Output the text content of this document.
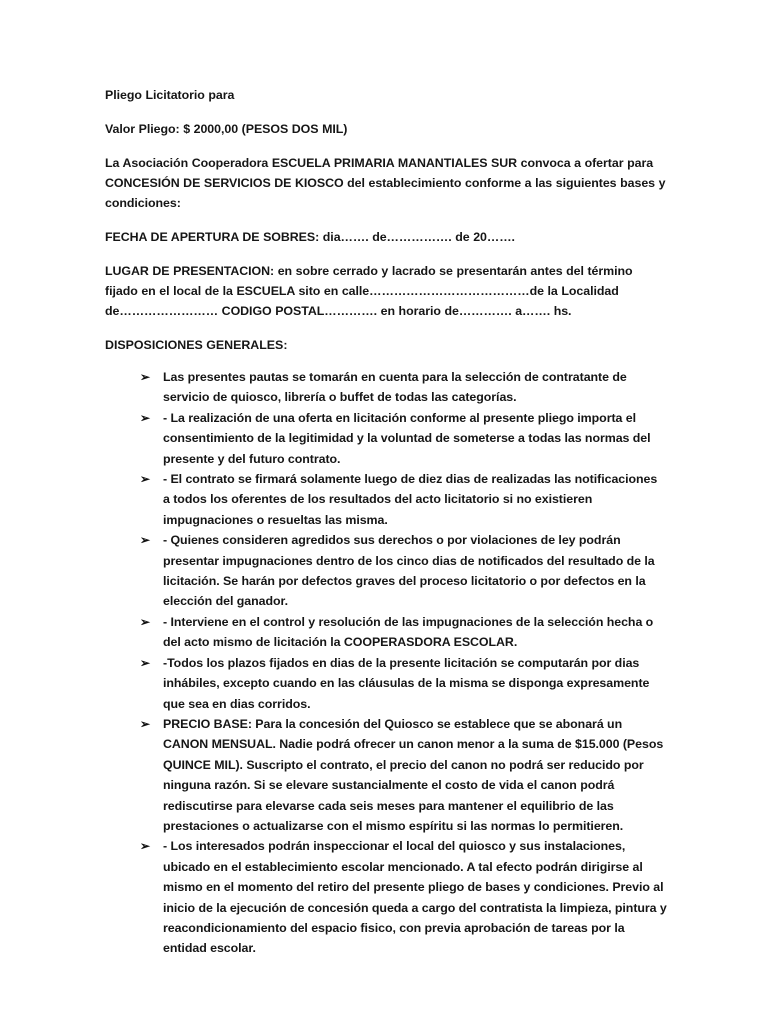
Pliego Licitatorio para

Valor Pliego: $ 2000,00 (PESOS DOS MIL)

La Asociación Cooperadora ESCUELA PRIMARIA MANANTIALES SUR convoca a ofertar para CONCESIÓN DE SERVICIOS DE KIOSCO del establecimiento conforme a las siguientes bases y condiciones:

FECHA DE APERTURA DE SOBRES: dia……. de……………. de 20…….

LUGAR DE PRESENTACION: en sobre cerrado y lacrado se presentarán antes del término fijado en el local de la ESCUELA sito en calle…………………………………de la Localidad de…………………… CODIGO POSTAL…………. en horario de…………. a……. hs.

DISPOSICIONES GENERALES:

➢	Las presentes pautas se tomarán en cuenta para la selección de contratante de servicio de quiosco, librería o buffet de todas las categorías.
➢	- La realización de una oferta en licitación conforme al presente pliego importa el consentimiento de la legitimidad y la voluntad de someterse a todas las normas del presente y del futuro contrato.
➢	- El contrato se firmará solamente luego de diez dias de realizadas las notificaciones a todos los oferentes de los resultados del acto licitatorio si no existieren impugnaciones o resueltas las misma.
➢	- Quienes consideren agredidos sus derechos o por violaciones de ley podrán presentar impugnaciones dentro de los cinco dias de notificados del resultado de la licitación. Se harán por defectos graves del proceso licitatorio o por defectos en la elección del ganador.
➢	- Interviene en el control y resolución de las impugnaciones de la selección hecha o del acto mismo de licitación la COOPERASDORA ESCOLAR.
➢	-Todos los plazos fijados en dias de la presente licitación se computarán por dias inhábiles, excepto cuando en las cláusulas de la misma se disponga expresamente que sea en dias corridos.
➢	PRECIO BASE: Para la concesión del Quiosco se establece que se abonará un CANON MENSUAL. Nadie podrá ofrecer un canon menor a la suma de $15.000 (Pesos QUINCE MIL). Suscripto el contrato, el precio del canon no podrá ser reducido por ninguna razón. Si se elevare sustancialmente el costo de vida el canon podrá rediscutirse para elevarse cada seis meses para mantener el equilibrio de las prestaciones o actualizarse con el mismo espíritu si las normas lo permitieren.
➢	- Los interesados podrán inspeccionar el local del quiosco y sus instalaciones, ubicado en el establecimiento escolar mencionado. A tal efecto podrán dirigirse al mismo en el momento del retiro del presente pliego de bases y condiciones. Previo al inicio de la ejecución de concesión queda a cargo del contratista la limpieza, pintura y reacondicionamiento del espacio fisico, con previa aprobación de tareas por la entidad escolar.
